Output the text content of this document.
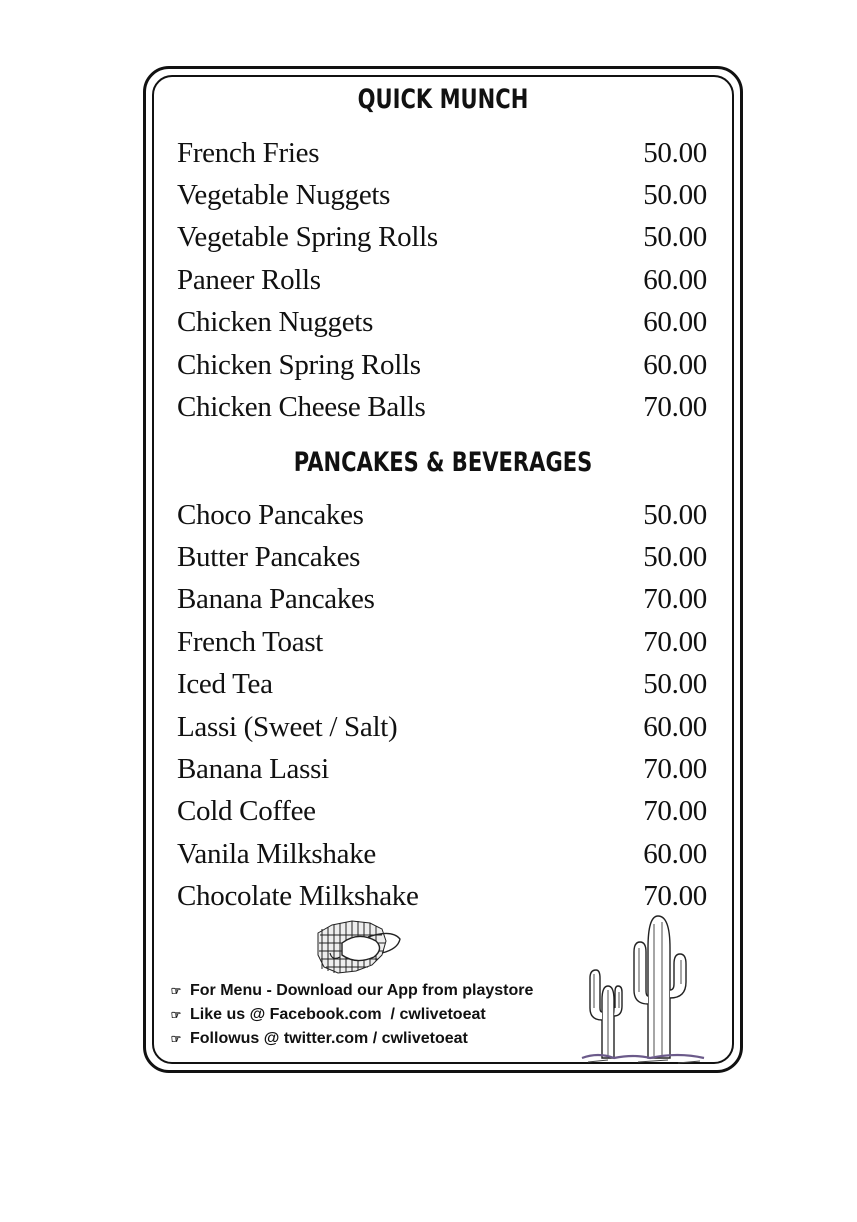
QUICK MUNCH
French Fries	50.00
Vegetable Nuggets	50.00
Vegetable Spring Rolls	50.00
Paneer Rolls	60.00
Chicken Nuggets	60.00
Chicken Spring Rolls	60.00
Chicken Cheese Balls	70.00
PANCAKES & BEVERAGES
Choco Pancakes	50.00
Butter Pancakes	50.00
Banana Pancakes	70.00
French Toast	70.00
Iced Tea	50.00
Lassi (Sweet / Salt)	60.00
Banana Lassi	70.00
Cold Coffee	70.00
Vanila Milkshake	60.00
Chocolate Milkshake	70.00
☞ For Menu - Download our App from playstore
☞ Like us @ Facebook.com  / cwlivetoeat
☞ Followus @ twitter.com / cwlivetoeat
